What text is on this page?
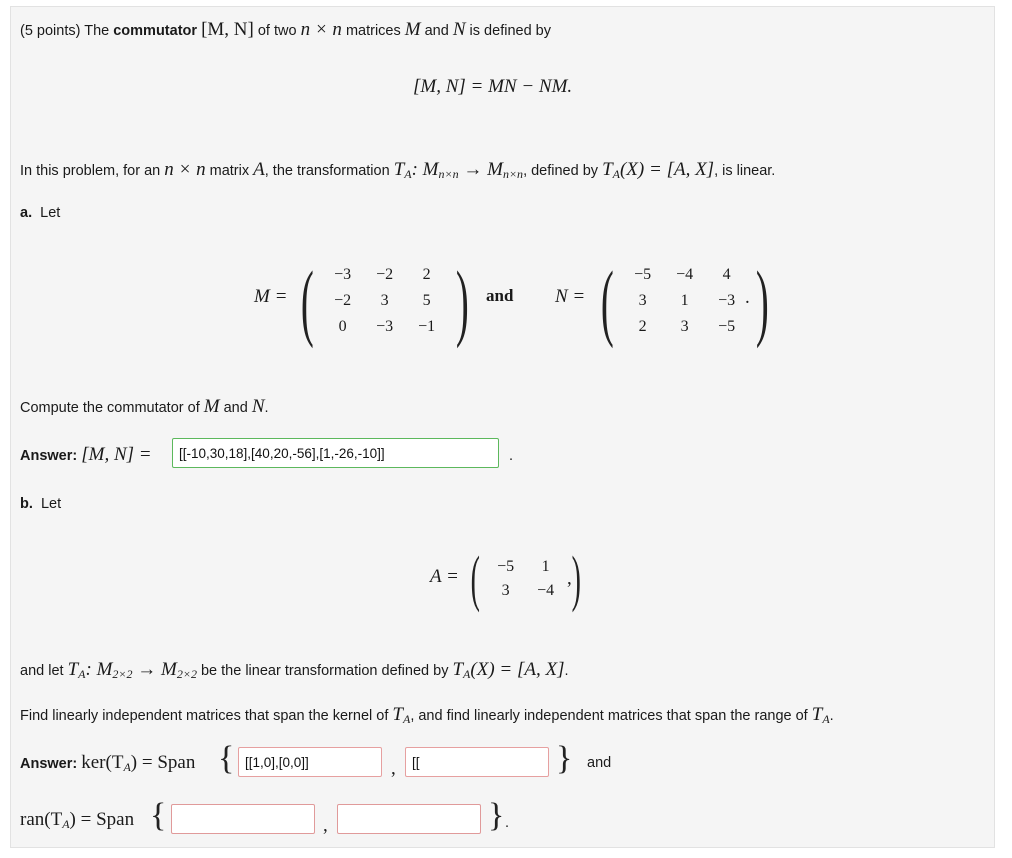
(5 points) The commutator [M, N] of two n × n matrices M and N is defined by
[M, N] = MN − NM.
In this problem, for an n × n matrix A, the transformation $T_A$: $M_{n\times n} \to M_{n\times n}$, defined by $T_A(X) = [A$, X], is linear.
a. Let
M = (	−3	−2	2
−2	3	5
0	−3	−1 ) and N = (	−5	−4	4
3	1	−3
2	3	−5 )
.
Compute the commutator of M and N.
Answer: [M, N] =
[[-10,30,18],[40,20,-56],[1,-26,-10]]	.
b. Let
A = (	−5	1
3	−4 )
,
and let $T_A$: $M_{2\times 2} \to M_{2\times 2}$ be the linear transformation defined by $T_A(X) = [A$, X].
Find linearly independent matrices that span the kernel of $T_A$, and find linearly independent matrices that span the range of $T_A$.
Answer: $ker(T_A)$ = Span {
[[1,0],[0,0]]	,
[[	} and
$ran(T_A)$ = Span {	,	} .
